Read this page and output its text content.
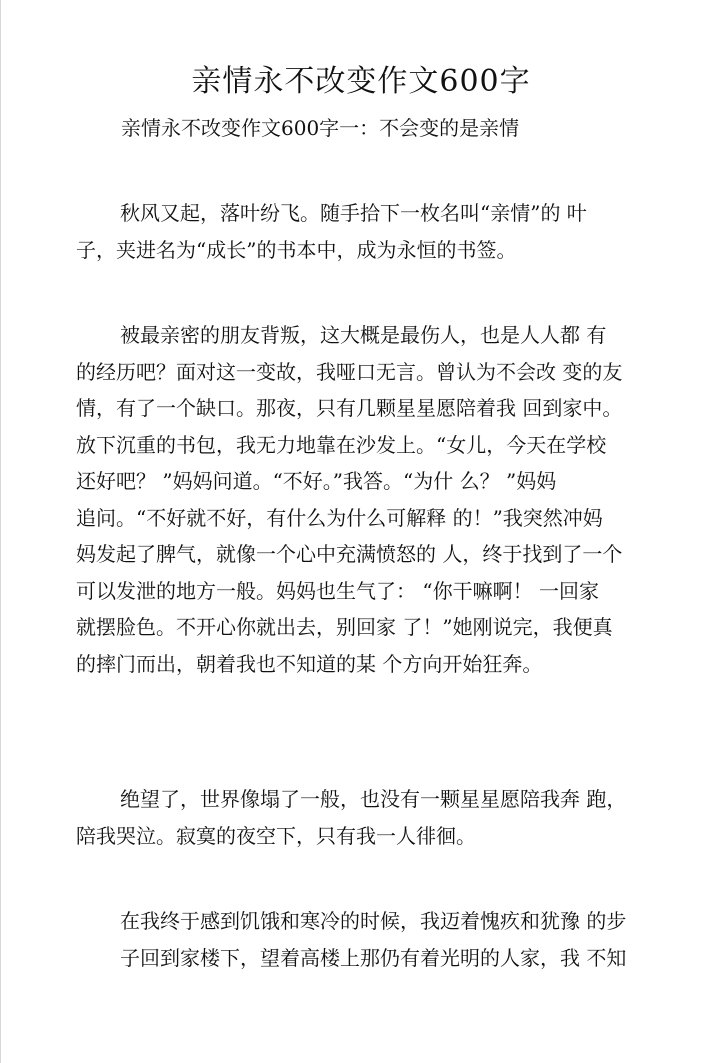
亲情永不改变作文600字
亲情永不改变作文600字一：不会变的是亲情
秋风又起，落叶纷飞。随手拾下一枚名叫“亲情”的 叶
子，夹进名为“成长”的书本中，成为永恒的书签。
被最亲密的朋友背叛，这大概是最伤人，也是人人都 有
的经历吧？面对这一变故，我哑口无言。曾认为不会改 变的友
情，有了一个缺口。那夜，只有几颗星星愿陪着我 回到家中。
放下沉重的书包，我无力地靠在沙发上。“女儿，今天在学校
还好吧？ ”妈妈问道。“不好。”我答。“为什 么？ ”妈妈
追问。“不好就不好，有什么为什么可解释 的！”我突然冲妈
妈发起了脾气，就像一个心中充满愤怒的 人，终于找到了一个
可以发泄的地方一般。妈妈也生气了： “你干嘛啊！ 一回家
就摆脸色。不开心你就出去，别回家 了！”她刚说完，我便真
的摔门而出，朝着我也不知道的某 个方向开始狂奔。
绝望了，世界像塌了一般，也没有一颗星星愿陪我奔 跑，
陪我哭泣。寂寞的夜空下，只有我一人徘徊。
在我终于感到饥饿和寒冷的时候，我迈着愧疚和犹豫 的步
子回到家楼下，望着高楼上那仍有着光明的人家，我 不知
